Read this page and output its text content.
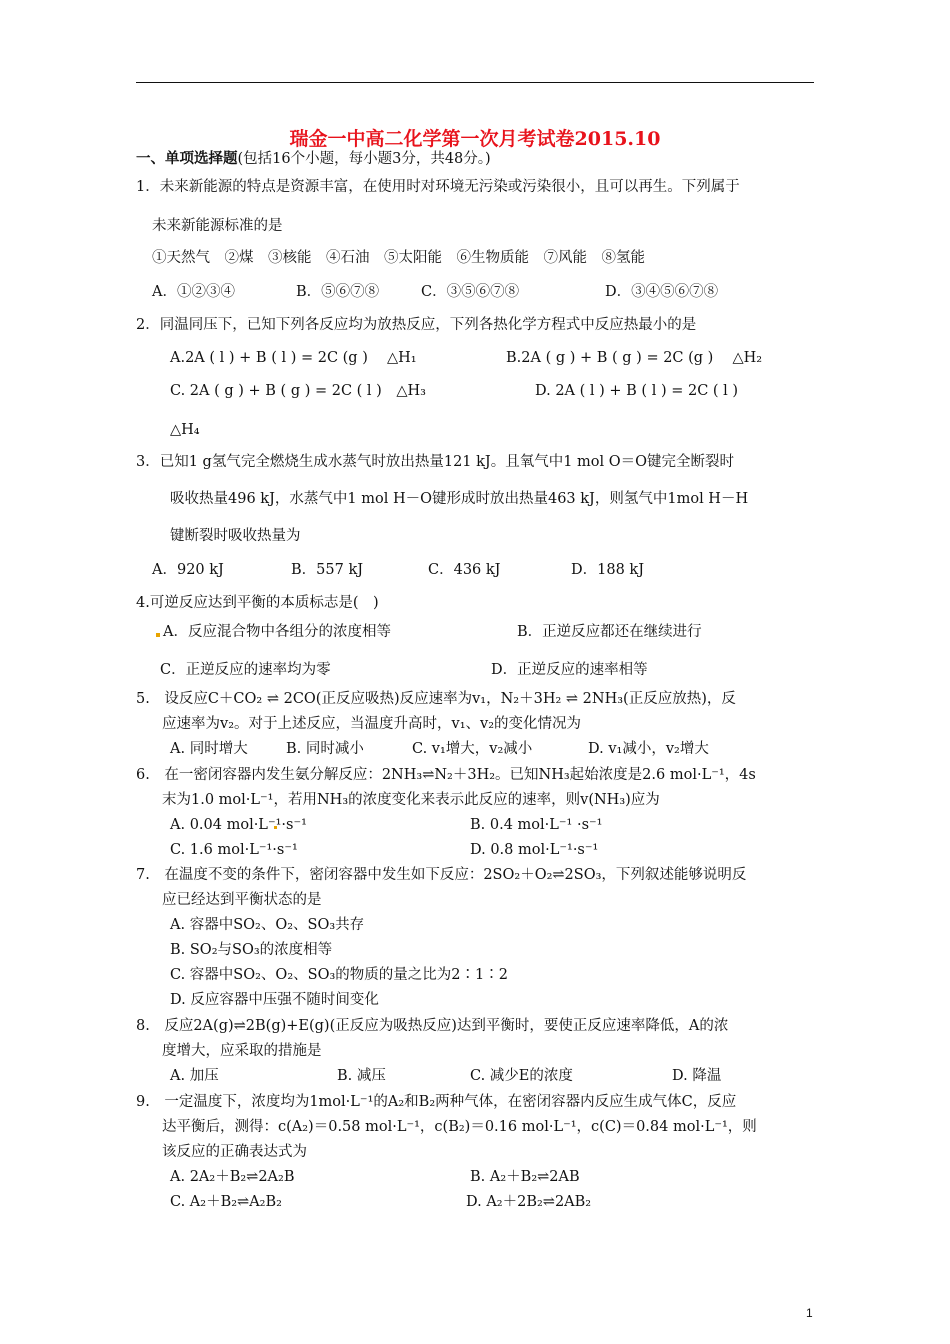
瑞金一中高二化学第一次月考试卷2015.10
一、单项选择题(包括16个小题，每小题3分，共48分。)
1．未来新能源的特点是资源丰富，在使用时对环境无污染或污染很小，且可以再生。下列属于
未来新能源标准的是
①天然气　②煤　③核能　④石油　⑤太阳能　⑥生物质能　⑦风能　⑧氢能
A．①②③④	B．⑤⑥⑦⑧	C．③⑤⑥⑦⑧	D．③④⑤⑥⑦⑧
2．同温同压下，已知下列各反应均为放热反应，下列各热化学方程式中反应热最小的是
A.2A ( l ) + B ( l ) = 2C (g )　 △H₁	B.2A ( g ) + B ( g ) = 2C (g )　 △H₂
C. 2A ( g ) + B ( g ) = 2C ( l )　△H₃	D. 2A ( l ) + B ( l ) = 2C ( l )
△H₄
3．已知1 g氢气完全燃烧生成水蒸气时放出热量121 kJ。且氧气中1 mol O＝O键完全断裂时
吸收热量496 kJ，水蒸气中1 mol H－O键形成时放出热量463 kJ，则氢气中1mol H－H
键断裂时吸收热量为
A．920 kJ	B．557 kJ	C．436 kJ	D．188 kJ
4.可逆反应达到平衡的本质标志是(　)
A．反应混合物中各组分的浓度相等	B．正逆反应都还在继续进行
C．正逆反应的速率均为零	D．正逆反应的速率相等
5.　设反应C＋CO₂ ⇌ 2CO(正反应吸热)反应速率为v₁，N₂＋3H₂ ⇌ 2NH₃(正反应放热)，反
应速率为v₂。对于上述反应，当温度升高时，v₁、v₂的变化情况为
A. 同时增大	B. 同时减小	C. v₁增大，v₂减小	D. v₁减小，v₂增大
6.　在一密闭容器内发生氨分解反应：2NH₃⇌N₂＋3H₂。已知NH₃起始浓度是2.6 mol·L⁻¹，4s
末为1.0 mol·L⁻¹，若用NH₃的浓度变化来表示此反应的速率，则v(NH₃)应为
A. 0.04 mol·L⁻¹·s⁻¹	B. 0.4 mol·L⁻¹ ·s⁻¹
C. 1.6 mol·L⁻¹·s⁻¹	D. 0.8 mol·L⁻¹·s⁻¹
7.　在温度不变的条件下，密闭容器中发生如下反应：2SO₂＋O₂⇌2SO₃，下列叙述能够说明反
应已经达到平衡状态的是
A. 容器中SO₂、O₂、SO₃共存
B. SO₂与SO₃的浓度相等
C. 容器中SO₂、O₂、SO₃的物质的量之比为2∶1∶2
D. 反应容器中压强不随时间变化
8.　反应2A(g)⇌2B(g)+E(g)(正反应为吸热反应)达到平衡时，要使正反应速率降低，A的浓
度增大，应采取的措施是
A. 加压	B. 减压	C. 减少E的浓度	D. 降温
9.　一定温度下，浓度均为1mol·L⁻¹的A₂和B₂两种气体，在密闭容器内反应生成气体C，反应
达平衡后，测得：c(A₂)＝0.58 mol·L⁻¹，c(B₂)＝0.16 mol·L⁻¹，c(C)＝0.84 mol·L⁻¹，则
该反应的正确表达式为
A. 2A₂＋B₂⇌2A₂B	B. A₂＋B₂⇌2AB
C. A₂＋B₂⇌A₂B₂	D. A₂＋2B₂⇌2AB₂
1
